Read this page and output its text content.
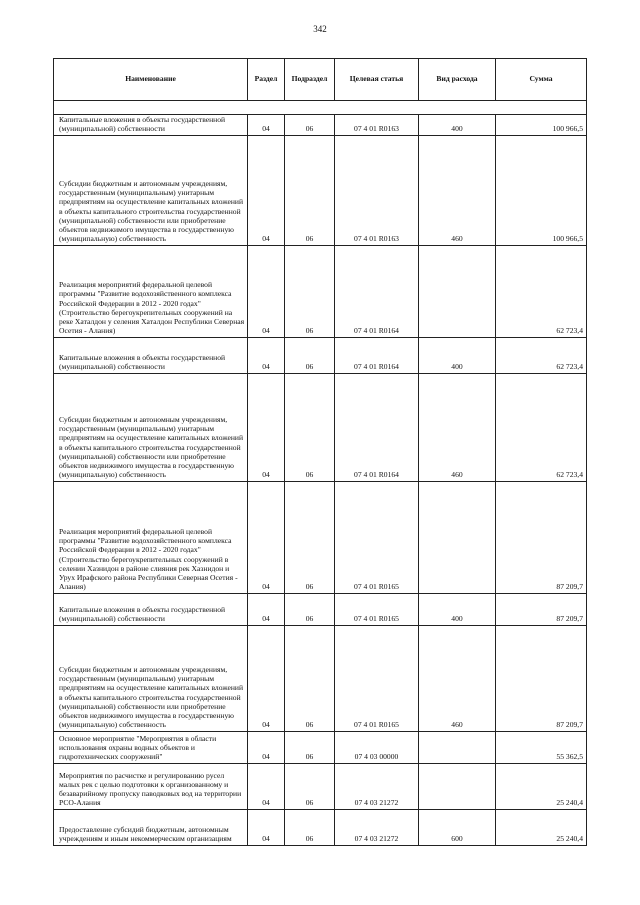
342
Наименование	Раздел	Подраздел	Целевая статья	Вид расхода	Сумма

Капитальные вложения в объекты государственной (муниципальной) собственности	04	06	07 4 01 R0163	400	100 966,5
Субсидии бюджетным и автономным учреждениям, государственным (муниципальным) унитарным предприятиям на осуществление капитальных вложений в объекты капитального строительства государственной (муниципальной) собственности или приобретение объектов недвижимого имущества в государственную (муниципальную) собственность	04	06	07 4 01 R0163	460	100 966,5
Реализация мероприятий федеральной целевой программы "Развитие водохозяйственного комплекса Российской Федерации в 2012 - 2020 годах" (Строительство берегоукрепительных сооружений на реке Хаталдон у селения Хаталдон Республики Северная Осетия - Алания)	04	06	07 4 01 R0164		62 723,4
Капитальные вложения в объекты государственной (муниципальной) собственности	04	06	07 4 01 R0164	400	62 723,4
Субсидии бюджетным и автономным учреждениям, государственным (муниципальным) унитарным предприятиям на осуществление капитальных вложений в объекты капитального строительства государственной (муниципальной) собственности или приобретение объектов недвижимого имущества в государственную (муниципальную) собственность	04	06	07 4 01 R0164	460	62 723,4
Реализация мероприятий федеральной целевой программы "Развитие водохозяйственного комплекса Российской Федерации в 2012 - 2020 годах" (Строительство берегоукрепительных сооружений в селении Хазнидон в районе слияния рек Хазнидон и Урух Ирафского района Республики Северная Осетия - Алания)	04	06	07 4 01 R0165		87 209,7
Капитальные вложения в объекты государственной (муниципальной) собственности	04	06	07 4 01 R0165	400	87 209,7
Субсидии бюджетным и автономным учреждениям, государственным (муниципальным) унитарным предприятиям на осуществление капитальных вложений в объекты капитального строительства государственной (муниципальной) собственности или приобретение объектов недвижимого имущества в государственную (муниципальную) собственность	04	06	07 4 01 R0165	460	87 209,7
Основное мероприятие "Мероприятия в области использования охраны водных объектов и гидротехнических сооружений"	04	06	07 4 03 00000		55 362,5
Мероприятия по расчистке и регулированию русел малых рек с целью подготовки к организованному и безаварийному пропуску паводковых вод на территории РСО-Алания	04	06	07 4 03 21272		25 240,4
Предоставление субсидий бюджетным, автономным учреждениям и иным некоммерческим организациям	04	06	07 4 03 21272	600	25 240,4
